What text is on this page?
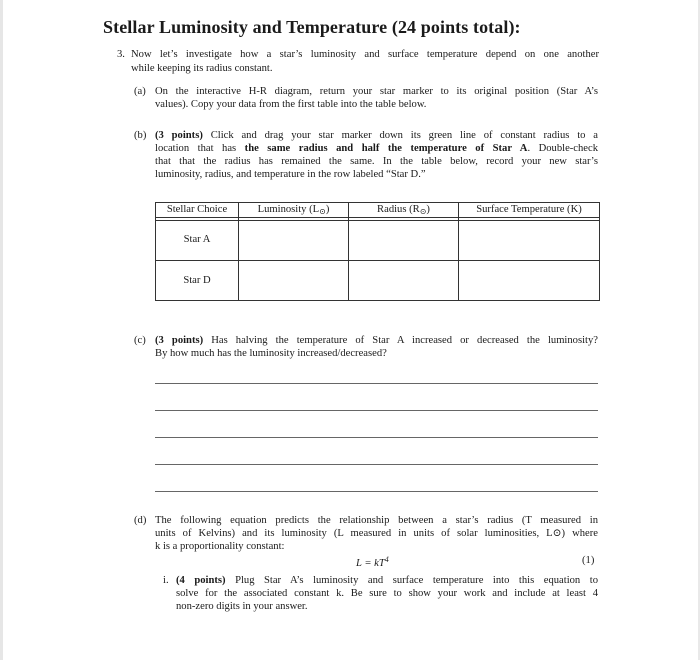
Stellar Luminosity and Temperature (24 points total):
3. Now let’s investigate how a star’s luminosity and surface temperature depend on one another
while keeping its radius constant.
(a) On the interactive H-R diagram, return your star marker to its original position (Star A’s
values). Copy your data from the first table into the table below.
(b) (3 points) Click and drag your star marker down its green line of constant radius to a
location that has the same radius and half the temperature of Star A. Double-check
that that the radius has remained the same. In the table below, record your new star’s
luminosity, radius, and temperature in the row labeled “Star D.”
Stellar Choice	Luminosity $(L_⊙)$	Radius $(R_⊙)$	Surface Temperature (K)
Star A
Star D
(c) (3 points) Has halving the temperature of Star A increased or decreased the luminosity?
By how much has the luminosity increased/decreased?
(d) The following equation predicts the relationship between a star’s radius (T measured in
units of Kelvins) and its luminosity (L measured in units of solar luminosities, L⊙) where
k is a proportionality constant:
$L = kT^4$	(1)
i. (4 points) Plug Star A’s luminosity and surface temperature into this equation to
solve for the associated constant k. Be sure to show your work and include at least 4
non-zero digits in your answer.
